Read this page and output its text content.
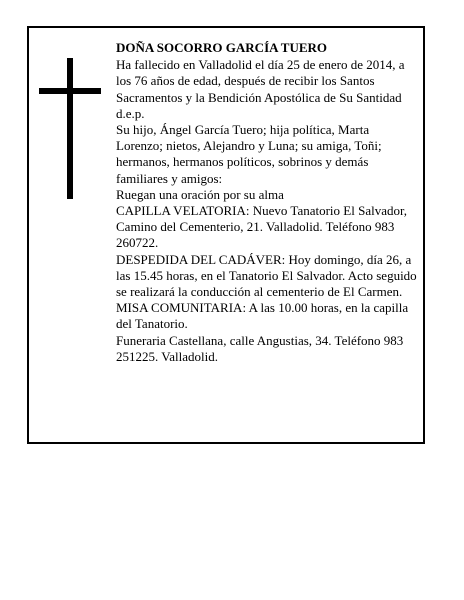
DOÑA SOCORRO GARCÍA TUERO

Ha fallecido en Valladolid el día 25 de enero de 2014, a los 76 años de edad, después de recibir los Santos Sacramentos y la Bendición Apostólica de Su Santidad d.e.p.

Su hijo, Ángel García Tuero; hija política, Marta Lorenzo; nietos, Alejandro y Luna; su amiga, Toñi; hermanos, hermanos políticos, sobrinos y demás familiares y amigos:

Ruegan una oración por su alma

CAPILLA VELATORIA: Nuevo Tanatorio El Salvador, Camino del Cementerio, 21. Valladolid. Teléfono 983 260722.

DESPEDIDA DEL CADÁVER: Hoy domingo, día 26, a las 15.45 horas, en el Tanatorio El Salvador. Acto seguido se realizará la conducción al cementerio de El Carmen.

MISA COMUNITARIA: A las 10.00 horas, en la capilla del Tanatorio.

Funeraria Castellana, calle Angustias, 34. Teléfono 983 251225. Valladolid.
